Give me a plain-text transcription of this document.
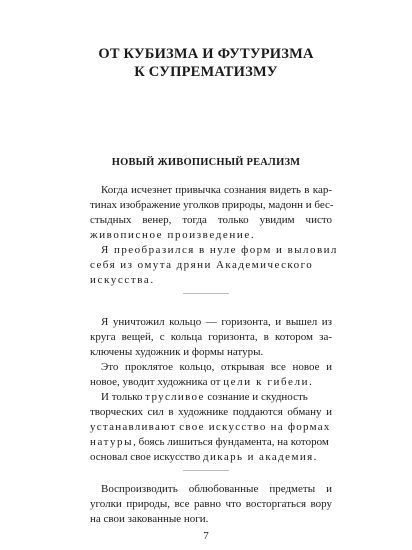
ОТ КУБИЗМА И ФУТУРИЗМА
К СУПРЕМАТИЗМУ
НОВЫЙ ЖИВОПИСНЫЙ РЕАЛИЗМ
Когда исчезнет привычка сознания видеть в кар-
тинах изображение уголков природы, мадонн и бес-
стыдных венер, тогда только увидим чисто
живописное произведение.
Я преобразился в нуле форм и выловил
себя из омута дряни Академического
искусства.
Я уничтожил кольцо — горизонта, и вышел из
круга вещей, с кольца горизонта, в котором за-
ключены художник и формы натуры.
Это проклятое кольцо, открывая все новое и
новое, уводит художника от цели к гибели.
И только трусливое сознание и скудность
творческих сил в художнике поддаются обману и
устанавливают свое искусство на формах
натуры, боясь лишиться фундамента, на котором
основал свое искусство дикарь и академия.
Воспроизводить облюбованные предметы и
уголки природы, все равно что восторгаться вору
на свои закованные ноги.
7
